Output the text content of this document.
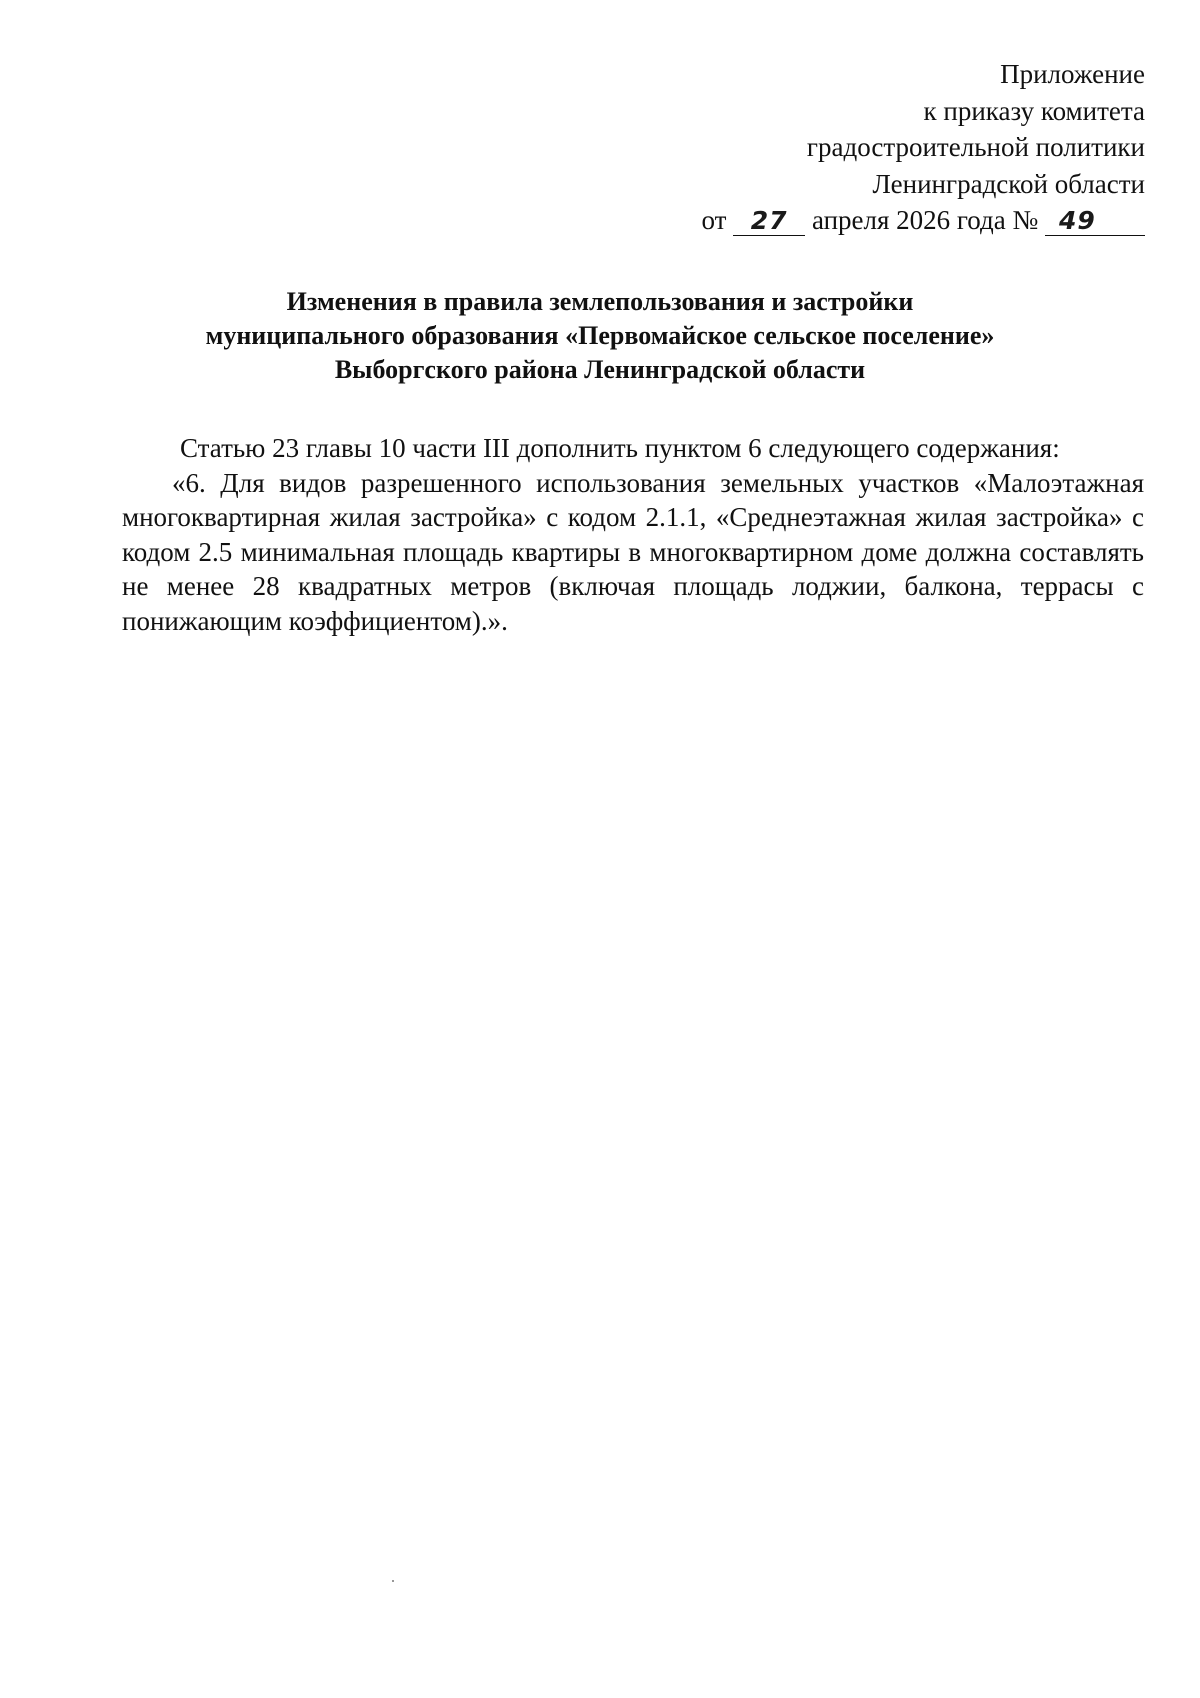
Приложение
к приказу комитета
градостроительной политики
Ленинградской области
от 27 апреля 2026 года № 49
Изменения в правила землепользования и застройки
муниципального образования «Первомайское сельское поселение»
Выборгского района Ленинградской области

Статью 23 главы 10 части III дополнить пунктом 6 следующего содержания:

«6. Для видов разрешенного использования земельных участков «Малоэтажная многоквартирная жилая застройка» с кодом 2.1.1, «Среднеэтажная жилая застройка» с кодом 2.5 минимальная площадь квартиры в многоквартирном доме должна составлять не менее 28 квадратных метров (включая площадь лоджии, балкона, террасы с понижающим коэффициентом).».
